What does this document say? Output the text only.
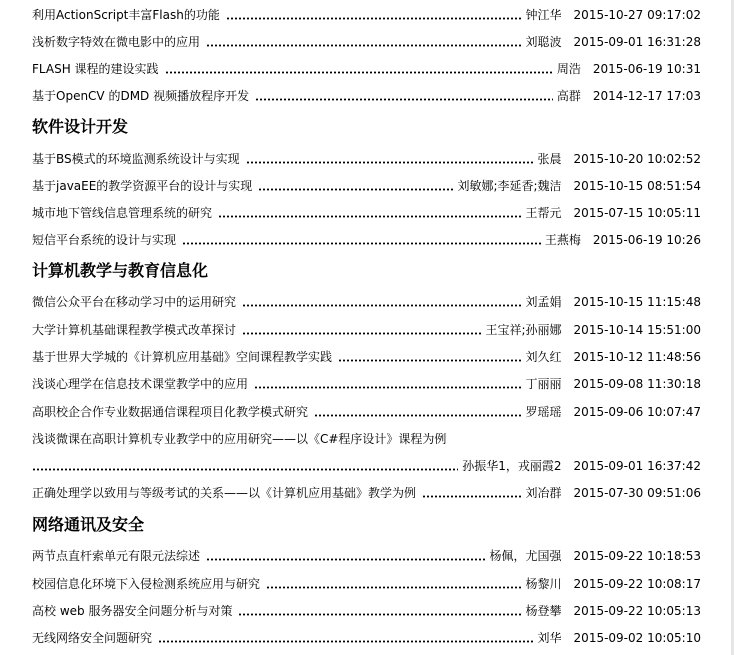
利用ActionScript丰富Flash的功能	钟江华 2015-10-27 09:17:02
浅析数字特效在微电影中的应用	刘聪波 2015-09-01 16:31:28
FLASH 课程的建设实践	周浩 2015-06-19 10:31
基于OpenCV 的DMD 视频播放程序开发	高群 2014-12-17 17:03
软件设计开发
基于BS模式的环境监测系统设计与实现	张晨 2015-10-20 10:02:52
基于javaEE的教学资源平台的设计与实现	刘敏娜;李延香;魏洁 2015-10-15 08:51:54
城市地下管线信息管理系统的研究	王帮元 2015-07-15 10:05:11
短信平台系统的设计与实现	王燕梅 2015-06-19 10:26
计算机教学与教育信息化
微信公众平台在移动学习中的运用研究	刘孟娟 2015-10-15 11:15:48
大学计算机基础课程教学模式改革探讨	王宝祥;孙丽娜 2015-10-14 15:51:00
基于世界大学城的《计算机应用基础》空间课程教学实践	刘久红 2015-10-12 11:48:56
浅谈心理学在信息技术课堂教学中的应用	丁丽丽 2015-09-08 11:30:18
高职校企合作专业数据通信课程项目化教学模式研究	罗瑶瑶 2015-09-06 10:07:47
浅谈微课在高职计算机专业教学中的应用研究——以《C#程序设计》课程为例
孙振华1，戎丽霞2 2015-09-01 16:37:42
正确处理学以致用与等级考试的关系——以《计算机应用基础》教学为例	刘冶群 2015-07-30 09:51:06
网络通讯及安全
两节点直杆索单元有限元法综述	杨佩，尤国强 2015-09-22 10:18:53
校园信息化环境下入侵检测系统应用与研究	杨黎川 2015-09-22 10:08:17
高校 web 服务器安全问题分析与对策	杨登攀 2015-09-22 10:05:13
无线网络安全问题研究	刘华 2015-09-02 10:05:10
